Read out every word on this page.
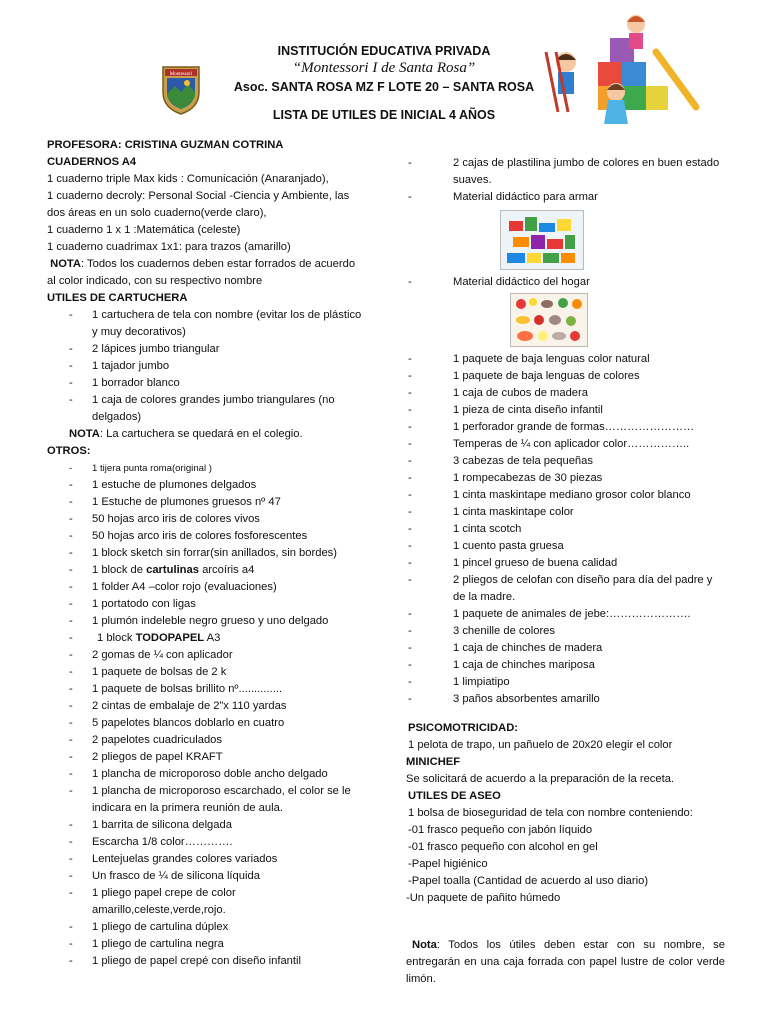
Montessori
INSTITUCIÓN EDUCATIVA PRIVADA
“Montessori I de Santa Rosa”
Asoc. SANTA ROSA MZ F LOTE 20 – SANTA ROSA
LISTA DE UTILES DE INICIAL 4 AÑOS

PROFESORA: CRISTINA GUZMAN COTRINA

CUADERNOS A4

1 cuaderno triple Max kids : Comunicación (Anaranjado),

1 cuaderno decroly: Personal Social -Ciencia y Ambiente, las dos áreas en un solo cuaderno(verde claro),

1 cuaderno 1 x 1 :Matemática (celeste)

1 cuaderno cuadrimax 1x1: para trazos (amarillo)

NOTA: Todos los cuadernos deben estar forrados de acuerdo al color indicado, con su respectivo nombre

UTILES DE CARTUCHERA

- 1 cartuchera de tela con nombre (evitar los de plástico y muy decorativos)
- 2 lápices jumbo triangular
- 1 tajador jumbo
- 1 borrador blanco
- 1 caja de colores grandes jumbo triangulares (no delgados)

NOTA: La cartuchera se quedará en el colegio.

OTROS:

- 1 tijera punta roma(original )
- 1 estuche de plumones delgados
- 1 Estuche de plumones gruesos nº 47
- 50 hojas arco iris de colores vivos
- 50 hojas arco iris de colores fosforescentes
- 1 block sketch sin forrar(sin anillados, sin bordes)
- 1 block de cartulinas arcoíris a4
- 1 folder A4 –color rojo (evaluaciones)
- 1 portatodo con ligas
- 1 plumón indeleble negro grueso y uno delgado
- 1 block TODOPAPEL A3
- 2 gomas de ¼ con aplicador
- 1 paquete de bolsas de 2 k
- 1 paquete de bolsas brillito nº..............
- 2 cintas de embalaje de 2”x 110 yardas
- 5 papelotes blancos doblarlo en cuatro
- 2 papelotes cuadriculados
- 2 pliegos de papel KRAFT
- 1 plancha de microporoso doble ancho delgado
- 1 plancha de microporoso escarchado, el color se le indicara en la primera reunión de aula.
- 1 barrita de silicona delgada
- Escarcha 1/8 color………….
- Lentejuelas grandes colores variados
- Un frasco de ¼ de silicona líquida
- 1 pliego papel crepe de color amarillo,celeste,verde,rojo.
- 1 pliego de cartulina dúplex
- 1 pliego de cartulina negra
- 1 pliego de papel crepé con diseño infantil
- 2 cajas de plastilina jumbo de colores en buen estado suaves.
- Material didáctico para armar
- Material didáctico del hogar
- 1 paquete de baja lenguas color natural
- 1 paquete de baja lenguas de colores
- 1 caja de cubos de madera
- 1 pieza de cinta diseño infantil
- 1 perforador grande de formas……………………
- Temperas de ¼ con aplicador color……………..
- 3 cabezas de tela pequeñas
- 1 rompecabezas de 30 piezas
- 1 cinta maskintape mediano grosor color blanco
- 1 cinta maskintape color
- 1 cinta scotch
- 1 cuento pasta gruesa
- 1 pincel grueso de buena calidad
- 2 pliegos de celofan con diseño para día del padre y de la madre.
- 1 paquete de animales de jebe:………………….
- 3 chenille de colores
- 1 caja de chinches de madera
- 1 caja de chinches mariposa
- 1 limpiatipo
- 3 paños absorbentes amarillo

PSICOMOTRICIDAD:

1 pelota de trapo, un pañuelo de 20x20 elegir el color

MINICHEF

Se solicitará de acuerdo a la preparación de la receta.

UTILES DE ASEO

1 bolsa de bioseguridad de tela con nombre conteniendo:

-01 frasco pequeño con jabón líquido

-01 frasco pequeño con alcohol en gel

-Papel higiénico

-Papel toalla (Cantidad de acuerdo al uso diario)

-Un paquete de pañito húmedo

Nota: Todos los útiles deben estar con su nombre, se entregarán en una caja forrada con papel lustre de color verde limón.
